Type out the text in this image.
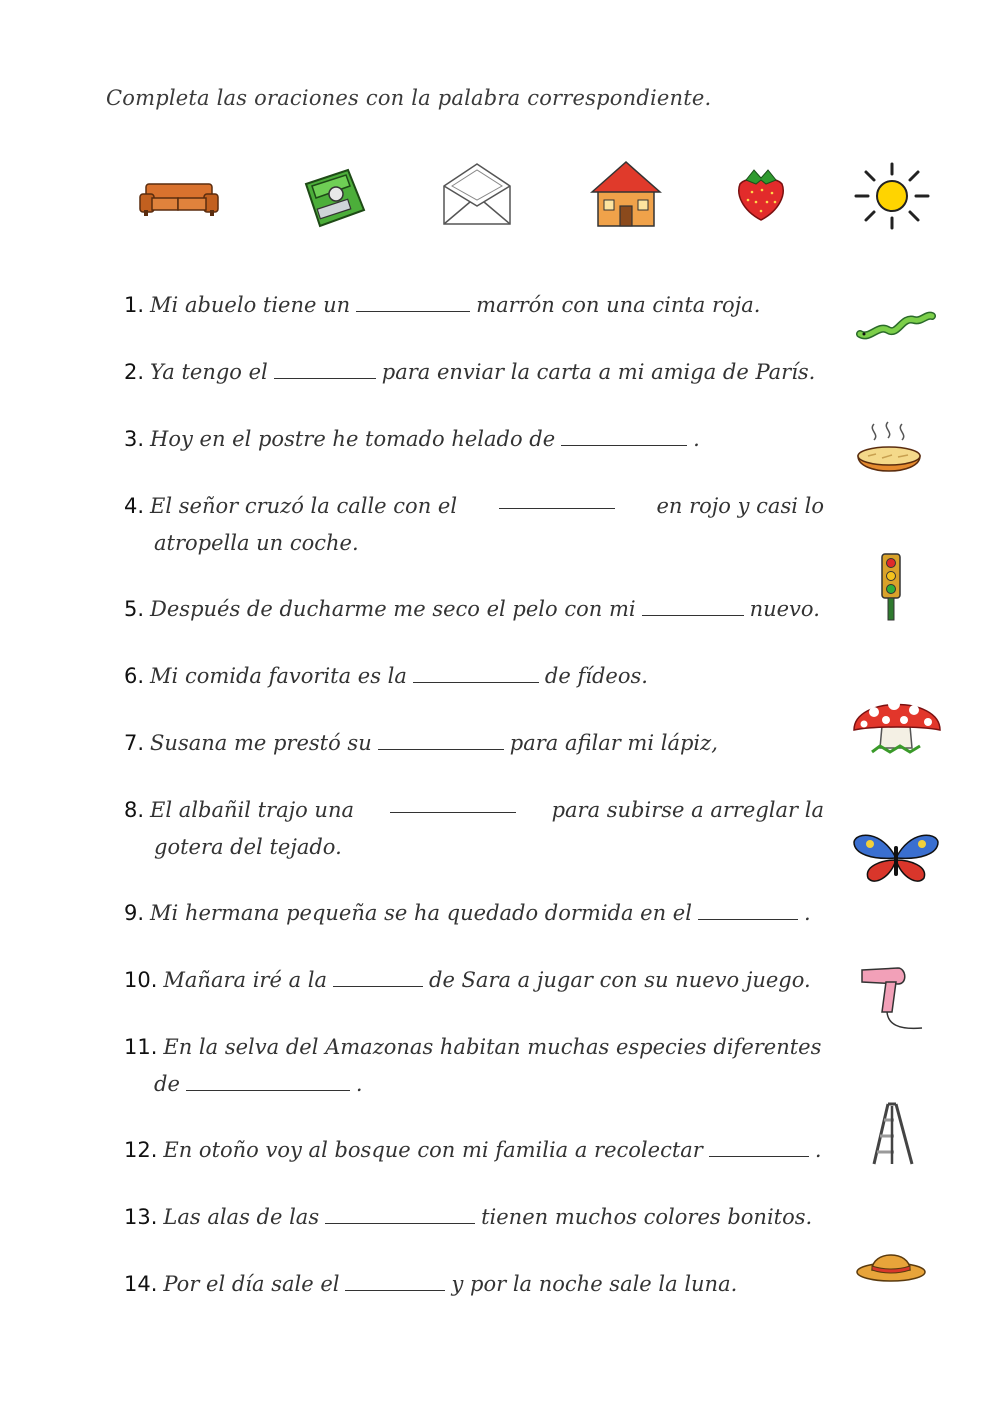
Completa las oraciones con la palabra correspondiente.
1. Mi abuelo tiene un	marrón con una cinta roja.
2. Ya tengo el	para enviar la carta a mi amiga de París.
3. Hoy en el postre he tomado helado de	.
4. El señor cruzó la calle con el	en rojo y casi lo
atropella un coche.
5. Después de ducharme me seco el pelo con mi	nuevo.
6. Mi comida favorita es la	de fídeos.
7. Susana me prestó su	para afilar mi lápiz,
8. El albañil trajo una	para subirse a arreglar la
gotera del tejado.
9. Mi hermana pequeña se ha quedado dormida en el	.
10. Mañara iré a la	de Sara a jugar con su nuevo juego.
11. En la selva del Amazonas habitan muchas especies diferentes
de	.
12. En otoño voy al bosque con mi familia a recolectar	.
13. Las alas de las	tienen muchos colores bonitos.
14. Por el día sale el	y por la noche sale la luna.
